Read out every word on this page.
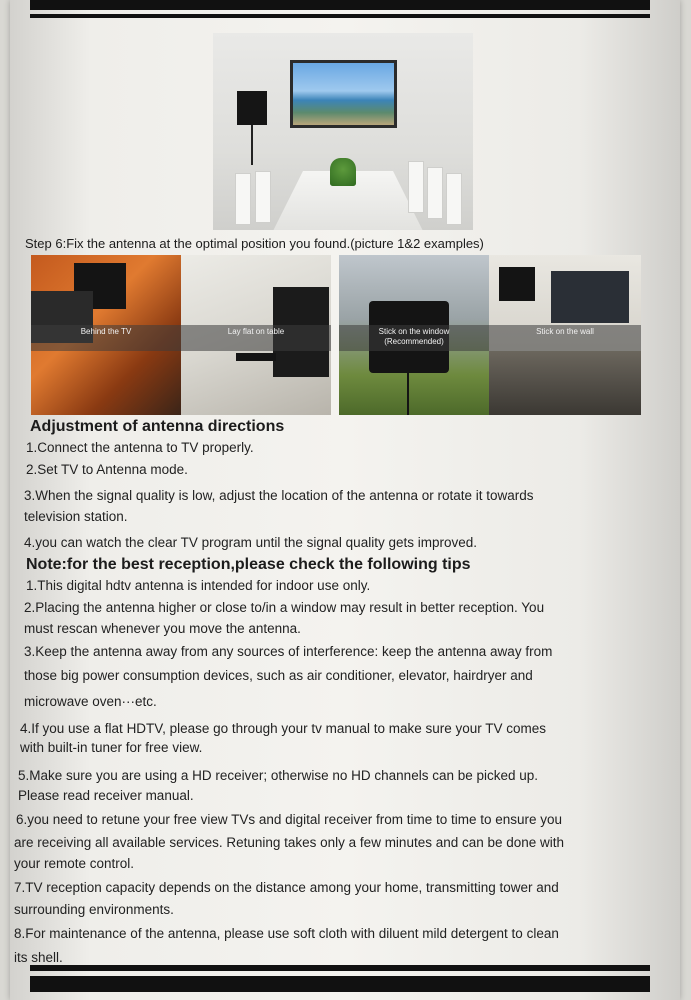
Step 6:Fix the antenna at the optimal position you found.(picture 1&2 examples)
Behind the TV	Lay flat on table	Stick on the window
(Recommended)
Stick on the wall
Adjustment of antenna directions
1.Connect the antenna to TV properly.
2.Set TV to Antenna mode.
3.When the signal quality is low, adjust the location of the antenna or rotate it towards
television station.
4.you can watch the clear TV program until the signal quality gets improved.
Note:for the best reception,please check the following tips
1.This digital hdtv antenna is intended for indoor use only.
2.Placing the antenna higher or close to/in a window may result in better reception. You
must rescan whenever you move the antenna.
3.Keep the antenna away from any sources of interference: keep the antenna away from
those big power consumption devices, such as air conditioner, elevator, hairdryer and
microwave oven···etc.
4.If you use a flat HDTV, please go through your tv manual to make sure your TV comes
with built-in tuner for free view.
5.Make sure you are using a HD receiver; otherwise no HD channels can be picked up.
Please read receiver manual.
6.you need to retune your free view TVs and digital receiver from time to time to ensure you
are receiving all available services. Retuning takes only a few minutes and can be done with
your remote control.
7.TV reception capacity depends on the distance among your home, transmitting tower and
surrounding environments.
8.For maintenance of the antenna, please use soft cloth with diluent mild detergent to clean
its shell.
